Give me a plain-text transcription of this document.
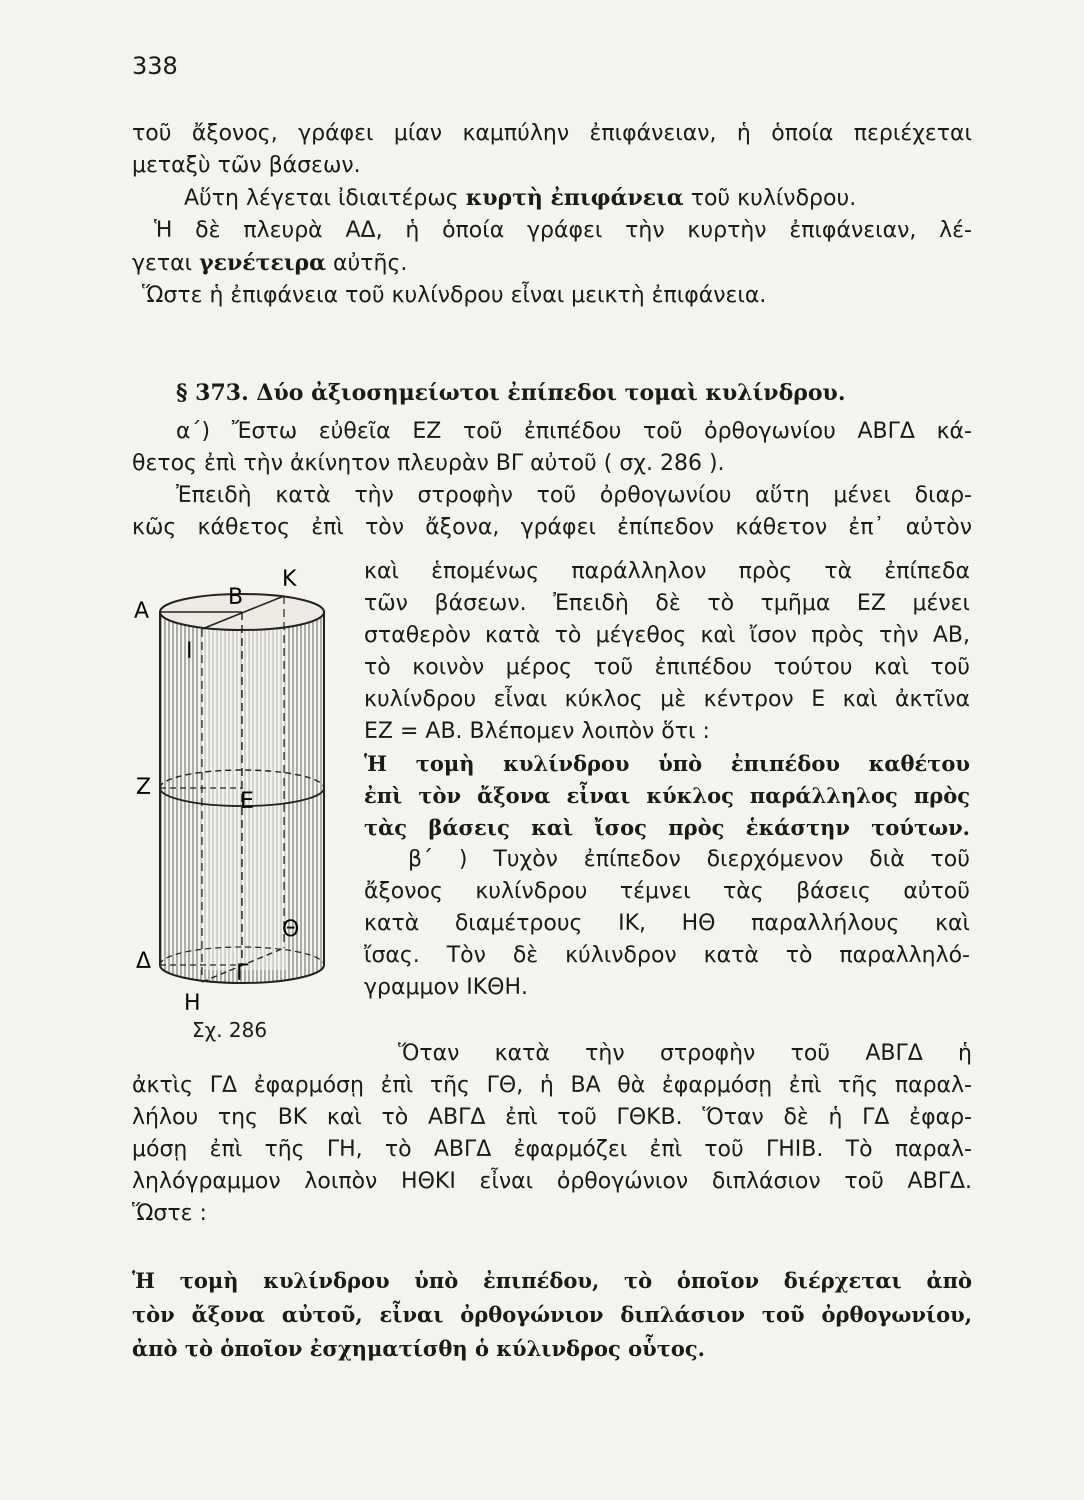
338
τοῦ ἄξονος, γράφει μίαν καμπύλην ἐπιφάνειαν, ἡ ὁποία περιέχεται
μεταξὺ τῶν βάσεων.
Αὕτη λέγεται ἰδιαιτέρως κυρτὴ ἐπιφάνεια τοῦ κυλίνδρου.
Ἡ δὲ πλευρὰ ΑΔ, ἡ ὁποία γράφει τὴν κυρτὴν ἐπιφάνειαν, λέ-
γεται γενέτειρα αὐτῆς.
Ὥστε ἡ ἐπιφάνεια τοῦ κυλίνδρου εἶναι μεικτὴ ἐπιφάνεια.
§ 373. Δύο ἀξιοσημείωτοι ἐπίπεδοι τομαὶ κυλίνδρου.
α΄) Ἔστω εὐθεῖα ΕΖ τοῦ ἐπιπέδου τοῦ ὀρθογωνίου ΑΒΓΔ κά-
θετος ἐπὶ τὴν ἀκίνητον πλευρὰν ΒΓ αὐτοῦ ( σχ. 286 ).
Ἐπειδὴ κατὰ τὴν στροφὴν τοῦ ὀρθογωνίου αὕτη μένει διαρ-
κῶς κάθετος ἐπὶ τὸν ἄξονα, γράφει ἐπίπεδον κάθετον ἐπ᾽ αὐτὸν
καὶ ἑπομένως παράλληλον πρὸς τὰ ἐπίπεδα
τῶν βάσεων. Ἐπειδὴ δὲ τὸ τμῆμα ΕΖ μένει
σταθερὸν κατὰ τὸ μέγεθος καὶ ἴσον πρὸς τὴν ΑΒ,
τὸ κοινὸν μέρος τοῦ ἐπιπέδου τούτου καὶ τοῦ
κυλίνδρου εἶναι κύκλος μὲ κέντρον Ε καὶ ἀκτῖνα
ΕΖ = ΑΒ. Βλέπομεν λοιπὸν ὅτι :
Ἡ τομὴ κυλίνδρου ὑπὸ ἐπιπέδου καθέτου
ἐπὶ τὸν ἄξονα εἶναι κύκλος παράλληλος πρὸς
τὰς βάσεις καὶ ἴσος πρὸς ἑκάστην τούτων.
β΄ ) Τυχὸν ἐπίπεδον διερχόμενον διὰ τοῦ
ἄξονος κυλίνδρου τέμνει τὰς βάσεις αὐτοῦ
κατὰ διαμέτρους ΙΚ, ΗΘ παραλλήλους καὶ
ἴσας. Τὸν δὲ κύλινδρον κατὰ τὸ παραλληλό-
γραμμον ΙΚΘΗ.
Α
Β
Κ
Ι
Ζ
Ε
Θ
Δ	Γ
Η
Σχ. 286
Ὅταν κατὰ τὴν στροφὴν τοῦ ΑΒΓΔ ἡ
ἀκτὶς ΓΔ ἐφαρμόσῃ ἐπὶ τῆς ΓΘ, ἡ ΒΑ θὰ ἐφαρμόσῃ ἐπὶ τῆς παραλ-
λήλου της ΒΚ καὶ τὸ ΑΒΓΔ ἐπὶ τοῦ ΓΘΚΒ. Ὅταν δὲ ἡ ΓΔ ἐφαρ-
μόσῃ ἐπὶ τῆς ΓΗ, τὸ ΑΒΓΔ ἐφαρμόζει ἐπὶ τοῦ ΓΗΙΒ. Τὸ παραλ-
ληλόγραμμον λοιπὸν ΗΘΚΙ εἶναι ὀρθογώνιον διπλάσιον τοῦ ΑΒΓΔ.
Ὥστε :
Ἡ τομὴ κυλίνδρου ὑπὸ ἐπιπέδου, τὸ ὁποῖον διέρχεται ἀπὸ
τὸν ἄξονα αὐτοῦ, εἶναι ὀρθογώνιον διπλάσιον τοῦ ὀρθογωνίου,
ἀπὸ τὸ ὁποῖον ἐσχηματίσθη ὁ κύλινδρος οὗτος.
